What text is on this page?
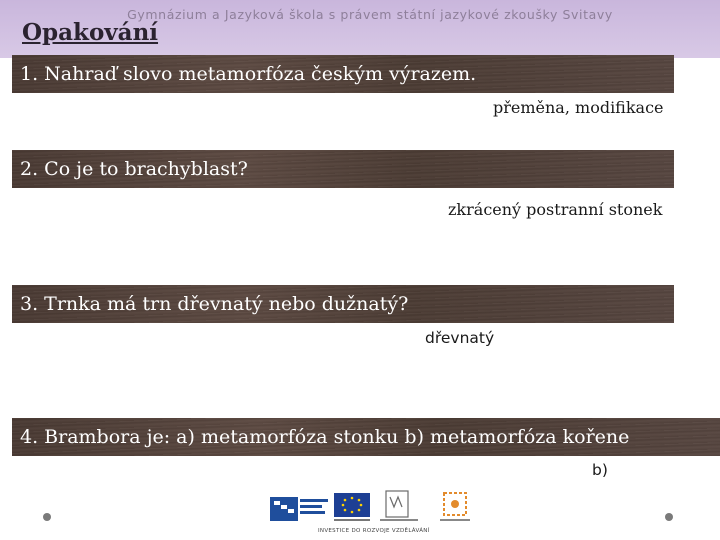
Gymnázium a Jazyková škola s právem státní jazykové zkoušky Svitavy
Opakování
1. Nahraď slovo metamorfóza českým výrazem.
přeměna, modifikace
2. Co je to brachyblast?
zkrácený postranní stonek
3. Trnka má trn dřevnatý nebo dužnatý?
dřevnatý
4. Brambora je: a) metamorfóza stonku b) metamorfóza kořene
b)
INVESTICE DO ROZVOJE VZDĚLÁVÁNÍ
